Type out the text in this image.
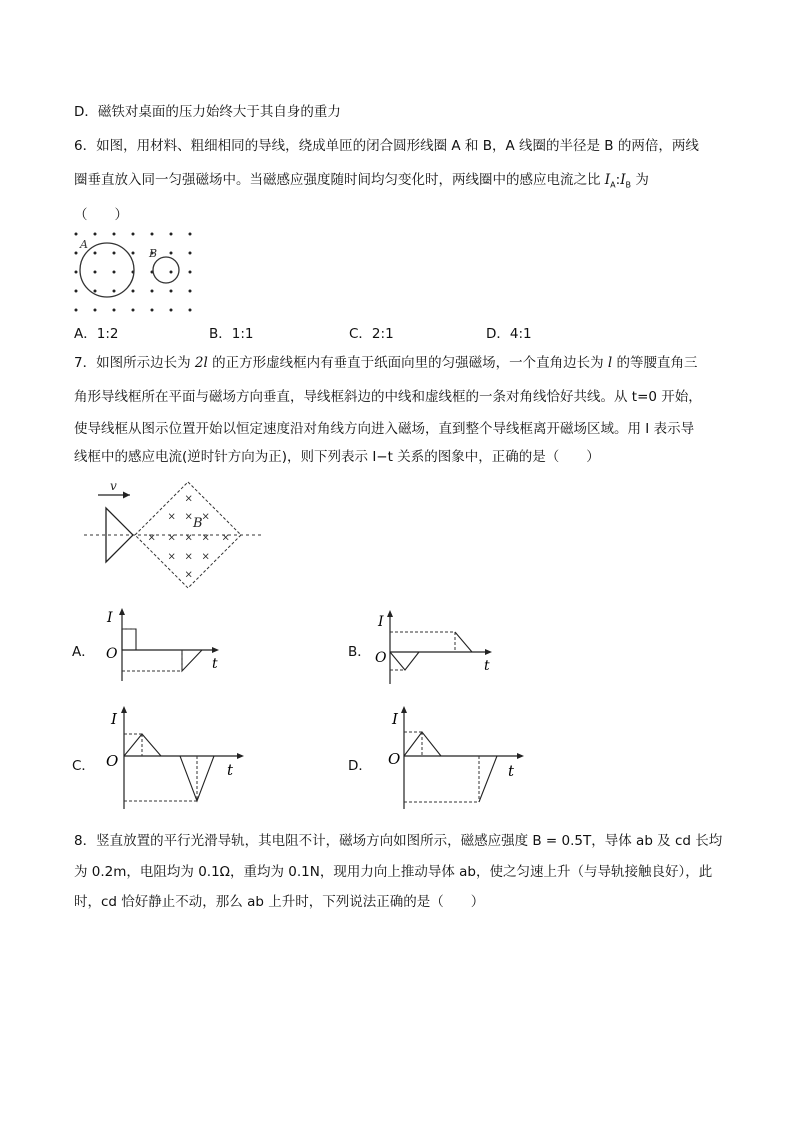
D．磁铁对桌面的压力始终大于其自身的重力
6．如图，用材料、粗细相同的导线，绕成单匝的闭合圆形线圈 A 和 B，A 线圈的半径是 B 的两倍，两线
圈垂直放入同一匀强磁场中。当磁感应强度随时间均匀变化时，两线圈中的感应电流之比 $I_A:I_B$ 为
（　　）
A
B
A．1:2	B．1:1	C．2:1	D．4:1
7．如图所示边长为 2l 的正方形虚线框内有垂直于纸面向里的匀强磁场，一个直角边长为 l 的等腰直角三
角形导线框所在平面与磁场方向垂直，导线框斜边的中线和虚线框的一条对角线恰好共线。从 t=0 开始，
使导线框从图示位置开始以恒定速度沿对角线方向进入磁场，直到整个导线框离开磁场区域。用 I 表示导
线框中的感应电流(逆时针方向为正)，则下列表示 I−t 关系的图象中，正确的是（　　）
v
×
× × ×
× × × × ×
× × ×
×
B
A．
I
O
t
B．
I
O	t
C．
I
O	t	D．
I
O
t
8．竖直放置的平行光滑导轨，其电阻不计，磁场方向如图所示，磁感应强度 B = 0.5T，导体 ab 及 cd 长均
为 0.2m，电阻均为 0.1Ω，重均为 0.1N，现用力向上推动导体 ab，使之匀速上升（与导轨接触良好），此
时，cd 恰好静止不动，那么 ab 上升时，下列说法正确的是（　　）
